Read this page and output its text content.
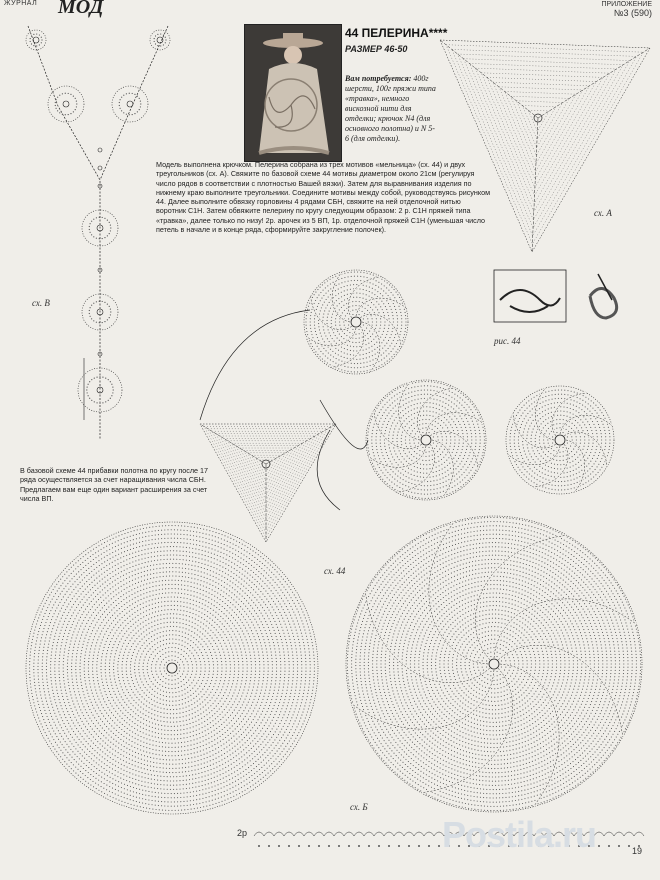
ЖУРНАЛ МОД	ПРИЛОЖЕНИЕ
№3 (590)
44 ПЕЛЕРИНА****
РАЗМЕР 46-50
Вам потребуется: 400г шерсти, 100г пряжи типа «травка», немного вискозной нити для отделки; крючок N4 (для основного полотна) и N 5-6 (для отделки).
Модель выполнена крючком. Пелерина собрана из трех мотивов «мельница» (сх. 44) и двух треугольников (сх. А). Свяжите по базовой схеме 44 мотивы диаметром около 21см (регулируя число рядов в соответствии с плотностью Вашей вязки). Затем для выравнивания изделия по нижнему краю выполните треугольники. Соедините мотивы между собой, руководствуясь рисунком 44. Далее выполните обвязку горловины 4 рядами СБН, свяжите на ней отделочной нитью воротник С1Н. Затем обвяжите пелерину по кругу следующим образом: 2 р. С1Н пряжей типа «травка», далее только по низу! 2р. арочек из 5 ВП, 1р. отделочной пряжей С1Н (уменьшая число петель в начале и в конце ряда, сформируйте закругление полочек).
В базовой схеме 44 прибавки полотна по кругу после 17 ряда осуществляется за счет наращивания числа СБН. Предлагаем вам еще один вариант расширения за счет числа ВП.
сх. А
рис. 44
сх. В
сх. 44
сх. Б
2р	Postila.ru	19
